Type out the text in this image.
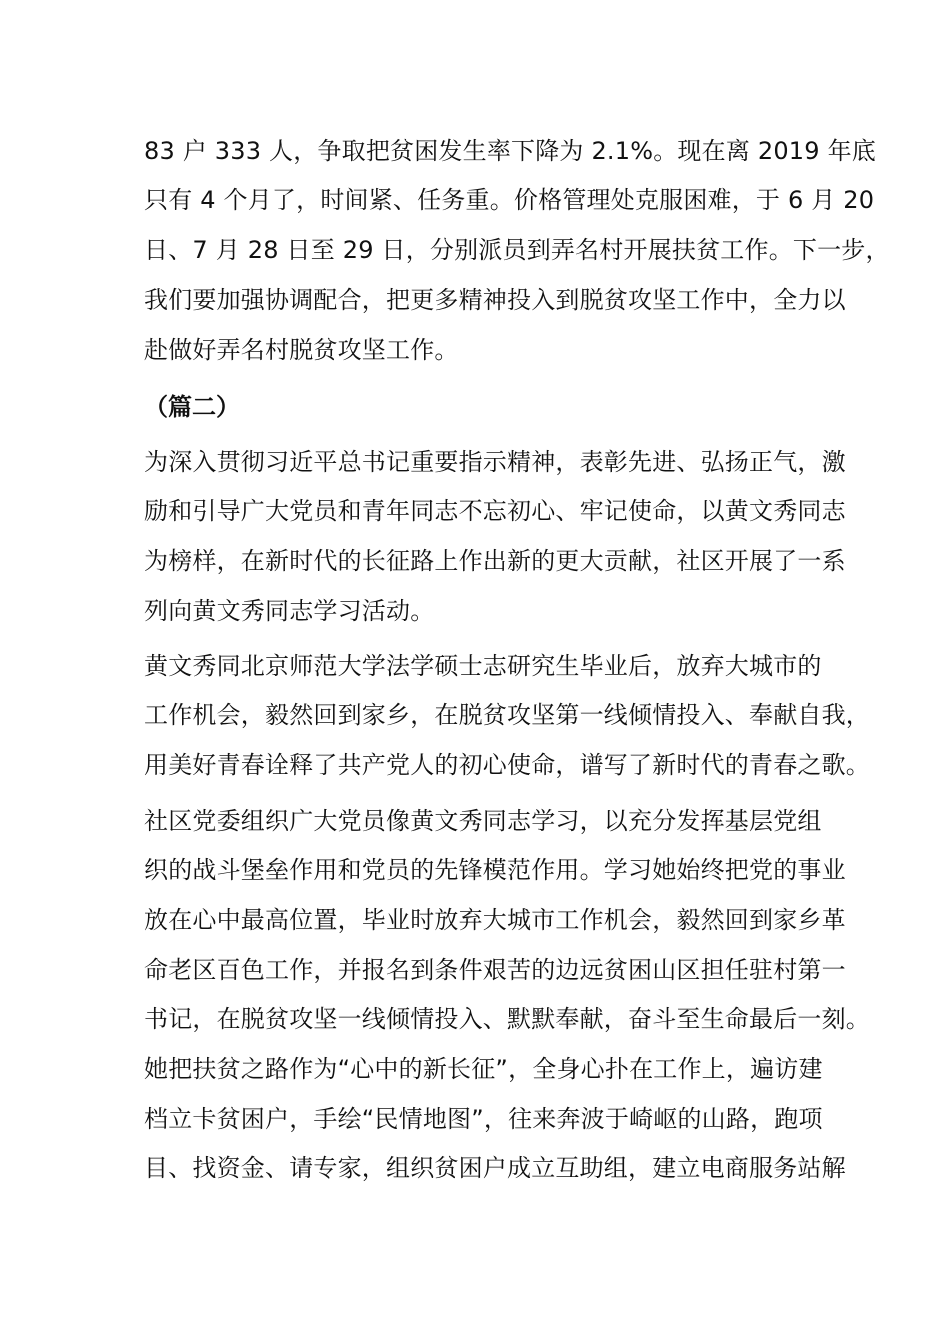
83 户 333 人，争取把贫困发生率下降为 2.1%。现在离 2019 年底
只有 4 个月了，时间紧、任务重。价格管理处克服困难，于 6 月 20
日、7 月 28 日至 29 日，分别派员到弄名村开展扶贫工作。下一步，
我们要加强协调配合，把更多精神投入到脱贫攻坚工作中，全力以
赴做好弄名村脱贫攻坚工作。
（篇二）
为深入贯彻习近平总书记重要指示精神，表彰先进、弘扬正气，激
励和引导广大党员和青年同志不忘初心、牢记使命，以黄文秀同志
为榜样，在新时代的长征路上作出新的更大贡献，社区开展了一系
列向黄文秀同志学习活动。
黄文秀同北京师范大学法学硕士志研究生毕业后，放弃大城市的
工作机会，毅然回到家乡，在脱贫攻坚第一线倾情投入、奉献自我，
用美好青春诠释了共产党人的初心使命，谱写了新时代的青春之歌。
社区党委组织广大党员像黄文秀同志学习，以充分发挥基层党组
织的战斗堡垒作用和党员的先锋模范作用。学习她始终把党的事业
放在心中最高位置，毕业时放弃大城市工作机会，毅然回到家乡革
命老区百色工作，并报名到条件艰苦的边远贫困山区担任驻村第一
书记，在脱贫攻坚一线倾情投入、默默奉献，奋斗至生命最后一刻。
她把扶贫之路作为“心中的新长征”，全身心扑在工作上，遍访建
档立卡贫困户，手绘“民情地图”，往来奔波于崎岖的山路，跑项
目、找资金、请专家，组织贫困户成立互助组，建立电商服务站解
